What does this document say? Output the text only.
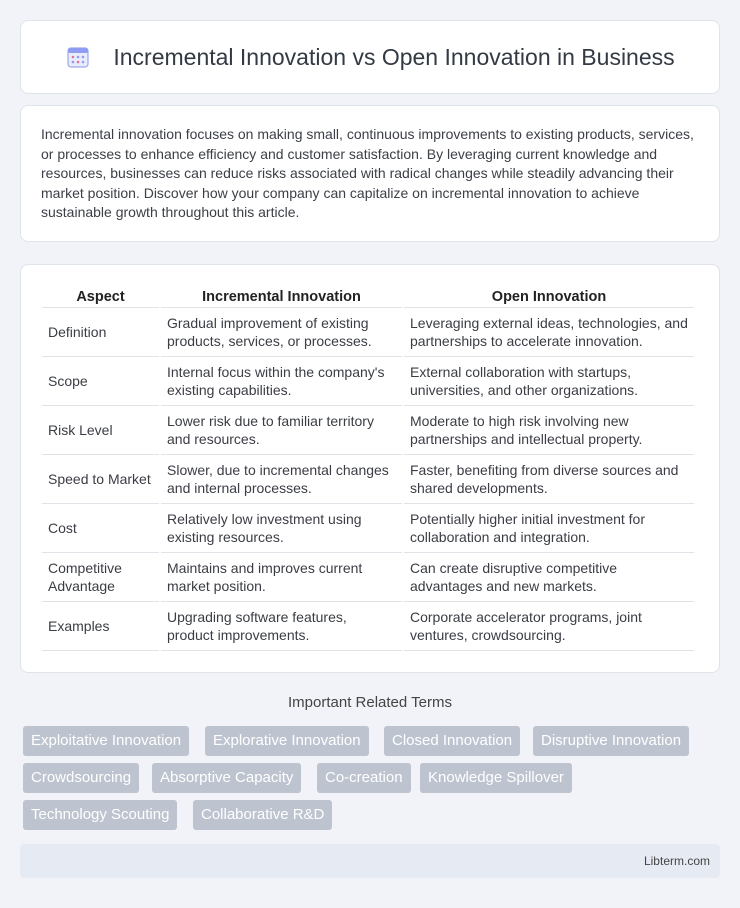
Incremental Innovation vs Open Innovation in Business

Incremental innovation focuses on making small, continuous improvements to existing products, services, or processes to enhance efficiency and customer satisfaction. By leveraging current knowledge and resources, businesses can reduce risks associated with radical changes while steadily advancing their market position. Discover how your company can capitalize on incremental innovation to achieve sustainable growth throughout this article.

Aspect	Incremental Innovation	Open Innovation
Definition	Gradual improvement of existing products, services, or processes.	Leveraging external ideas, technologies, and partnerships to accelerate innovation.
Scope	Internal focus within the company's existing capabilities.	External collaboration with startups, universities, and other organizations.
Risk Level	Lower risk due to familiar territory and resources.	Moderate to high risk involving new partnerships and intellectual property.
Speed to Market	Slower, due to incremental changes and internal processes.	Faster, benefiting from diverse sources and shared developments.
Cost	Relatively low investment using existing resources.	Potentially higher initial investment for collaboration and integration.
Competitive Advantage	Maintains and improves current market position.	Can create disruptive competitive advantages and new markets.
Examples	Upgrading software features, product improvements.	Corporate accelerator programs, joint ventures, crowdsourcing.
Important Related Terms
Exploitative Innovation	Explorative Innovation	Closed Innovation	Disruptive Innovation
Crowdsourcing	Absorptive Capacity	Co-creation	Knowledge Spillover
Technology Scouting	Collaborative R&D
Libterm.com
